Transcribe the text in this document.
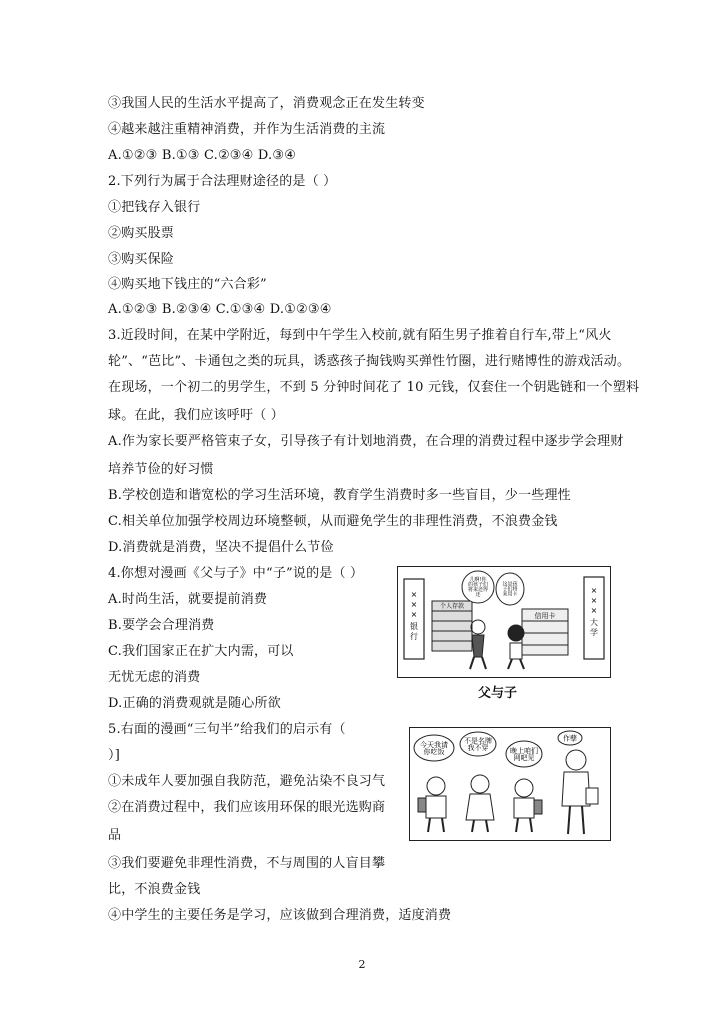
③我国人民的生活水平提高了，消费观念正在发生转变
④越来越注重精神消费，并作为生活消费的主流
A.①②③ B.①③ C.②③④ D.③④
2.下列行为属于合法理财途径的是（ ）
①把钱存入银行
②购买股票
③购买保险
④购买地下钱庄的“六合彩”
A.①②③ B.②③④ C.①③④ D.①②③④
3.近段时间，在某中学附近，每到中午学生入校前,就有陌生男子推着自行车,带上“风火
轮”、“芭比”、卡通包之类的玩具，诱惑孩子掏钱购买弹性竹圈，进行赌博性的游戏活动。
在现场，一个初二的男学生，不到 5 分钟时间花了 10 元钱，仅套住一个钥匙链和一个塑料
球。在此，我们应该呼吁（ ）
A.作为家长要严格管束子女，引导孩子有计划地消费，在合理的消费过程中逐步学会理财
培养节俭的好习惯
B.学校创造和谐宽松的学习生活环境，教育学生消费时多一些盲目，少一些理性
C.相关单位加强学校周边环境整顿，从而避免学生的非理性消费，不浪费金钱
D.消费就是消费，坚决不提倡什么节俭
4.你想对漫画《父与子》中“子”说的是（ ）
A.时尚生活，就要提前消费
B.要学会合理消费
C.我们国家正在扩大内需，可以
无忧无虑的消费
D.正确的消费观就是随心所欲
5.右面的漫画“三句半”给我们的启示有（
）]
①未成年人要加强自我防范，避免沾染不良习气
②在消费过程中，我们应该用环保的眼光选购商
品
③我们要避免非理性消费，不与周围的人盲目攀
比，不浪费金钱
④中学生的主要任务是学习，应该做到合理消费，适度消费
× × ×银行
× × ×大学
个人存款
信用卡
儿啊!你的孩子们将来还得还
这是孩子们将来用卡
父与子
今天我请你吃饭
不是名牌我不穿	晚上咱们网吧见
作孽
2
